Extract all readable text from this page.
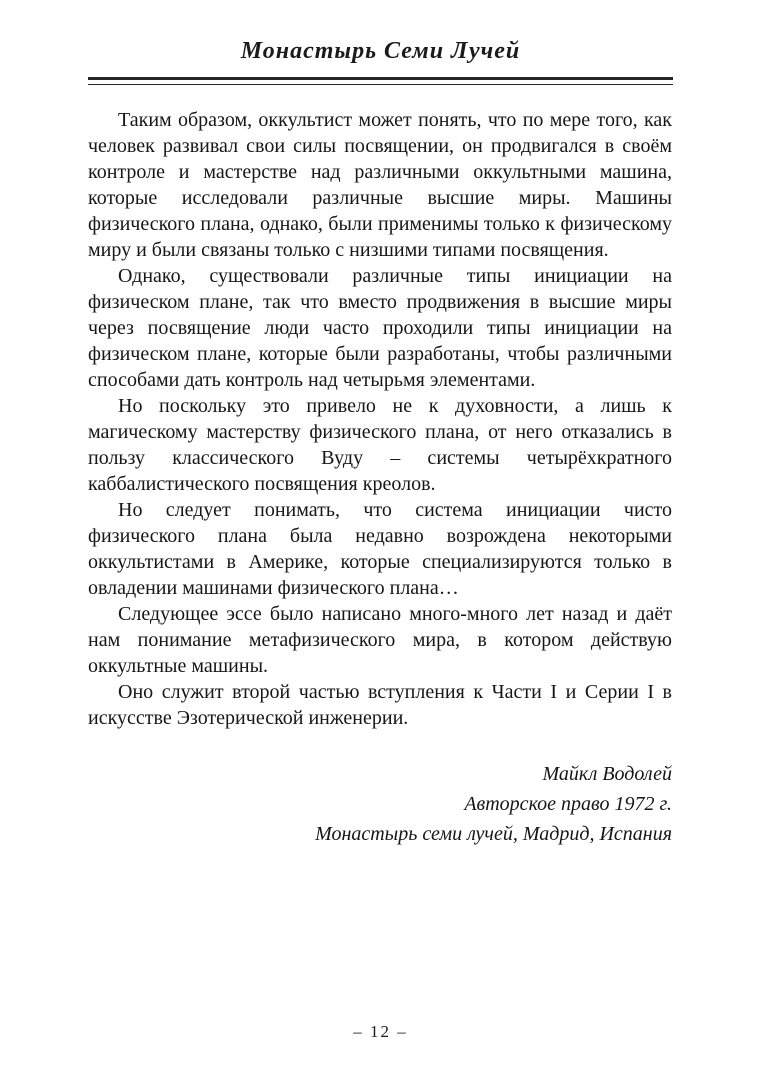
Монастырь Семи Лучей

Таким образом, оккультист может понять, что по мере того, как человек развивал свои силы посвящении, он продвигался в своём контроле и мастерстве над различными оккультными машина, которые исследовали различные высшие миры. Машины физического плана, однако, были применимы только к физическому миру и были связаны только с низшими типами посвящения.

Однако, существовали различные типы инициации на физическом плане, так что вместо продвижения в высшие миры через посвящение люди часто проходили типы инициации на физическом плане, которые были разработаны, чтобы различными способами дать контроль над четырьмя элементами.

Но поскольку это привело не к духовности, а лишь к магическому мастерству физического плана, от него отказались в пользу классического Вуду – системы четырёхкратного каббалистического посвящения креолов.

Но следует понимать, что система инициации чисто физического плана была недавно возрождена некоторыми оккультистами в Америке, которые специализируются только в овладении машинами физического плана…

Следующее эссе было написано много-много лет назад и даёт нам понимание метафизического мира, в котором действую оккультные машины.

Оно служит второй частью вступления к Части I и Серии I в искусстве Эзотерической инженерии.

Майкл Водолей
Авторское право 1972 г.
Монастырь семи лучей, Мадрид, Испания
– 12 –
